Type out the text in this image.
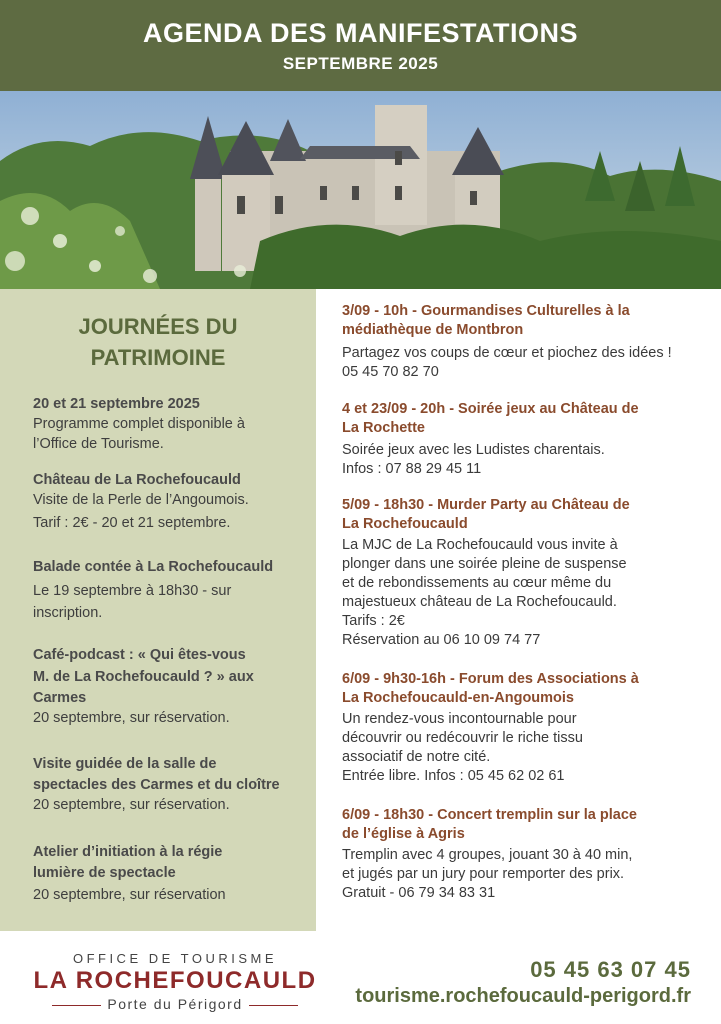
AGENDA DES MANIFESTATIONS
SEPTEMBRE 2025
JOURNÉES DU
PATRIMOINE
20 et 21 septembre 2025
Programme complet disponible à
l’Office de Tourisme.
Château de La Rochefoucauld
Visite de la Perle de l’Angoumois.
Tarif : 2€ - 20 et 21 septembre.
Balade contée à La Rochefoucauld
Le 19 septembre à 18h30 - sur
inscription.
Café-podcast : « Qui êtes-vous
M. de La Rochefoucauld ? » aux
Carmes
20 septembre, sur réservation.
Visite guidée de la salle de
spectacles des Carmes et du cloître
20 septembre, sur réservation.
Atelier d’initiation à la régie
lumière de spectacle
20 septembre, sur réservation
3/09 - 10h - Gourmandises Culturelles à la
médiathèque de Montbron
Partagez vos coups de cœur et piochez des idées !
05 45 70 82 70
4 et 23/09 - 20h - Soirée jeux au Château de
La Rochette
Soirée jeux avec les Ludistes charentais.
Infos : 07 88 29 45 11
5/09 - 18h30 - Murder Party au Château de
La Rochefoucauld
La MJC de La Rochefoucauld vous invite à
plonger dans une soirée pleine de suspense
et de rebondissements au cœur même du
majestueux château de La Rochefoucauld.
Tarifs : 2€
Réservation au 06 10 09 74 77
6/09 - 9h30-16h - Forum des Associations à
La Rochefoucauld-en-Angoumois
Un rendez-vous incontournable pour
découvrir ou redécouvrir le riche tissu
associatif de notre cité.
Entrée libre. Infos : 05 45 62 02 61
6/09 - 18h30 - Concert tremplin sur la place
de l’église à Agris
Tremplin avec 4 groupes, jouant 30 à 40 min,
et jugés par un jury pour remporter des prix.
Gratuit - 06 79 34 83 31
OFFICE DE TOURISME
LA ROCHEFOUCAULD
Porte du Périgord
05 45 63 07 45
tourisme.rochefoucauld-perigord.fr
